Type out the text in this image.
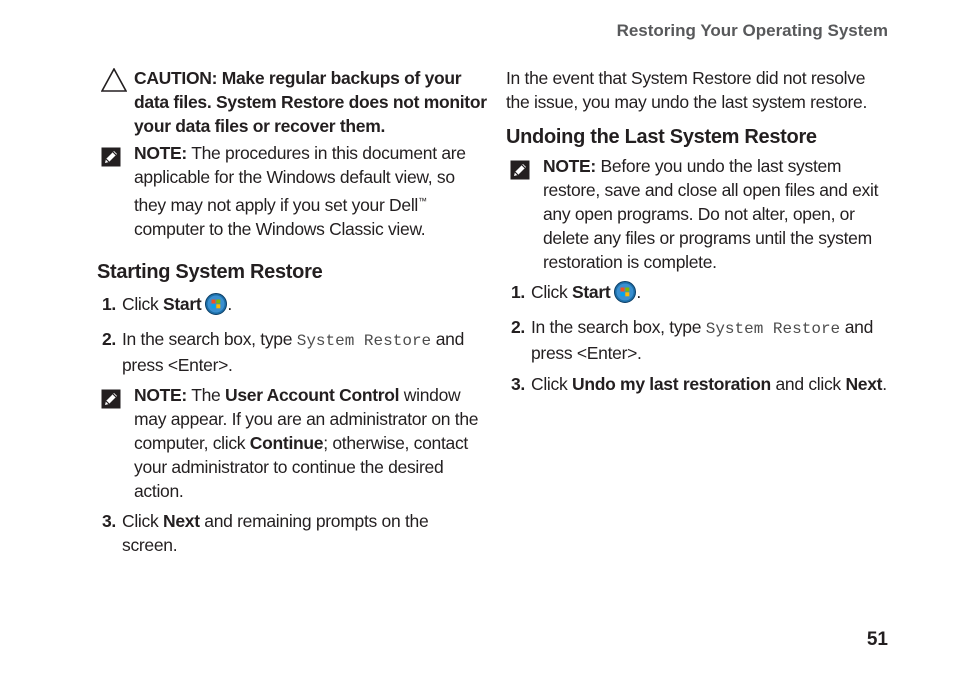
Restoring Your Operating System
CAUTION: Make regular backups of your data files. System Restore does not monitor your data files or recover them.
NOTE: The procedures in this document are applicable for the Windows default view, so they may not apply if you set your Dell™ computer to the Windows Classic view.
Starting System Restore
1. Click Start .
2. In the search box, type System Restore and press <Enter>.
NOTE: The User Account Control window may appear. If you are an administrator on the computer, click Continue; otherwise, contact your administrator to continue the desired action.
3. Click Next and remaining prompts on the screen.
In the event that System Restore did not resolve the issue, you may undo the last system restore.
Undoing the Last System Restore
NOTE: Before you undo the last system restore, save and close all open files and exit any open programs. Do not alter, open, or delete any files or programs until the system restoration is complete.
1. Click Start .
2. In the search box, type System Restore and press <Enter>.
3. Click Undo my last restoration and click Next.
51
